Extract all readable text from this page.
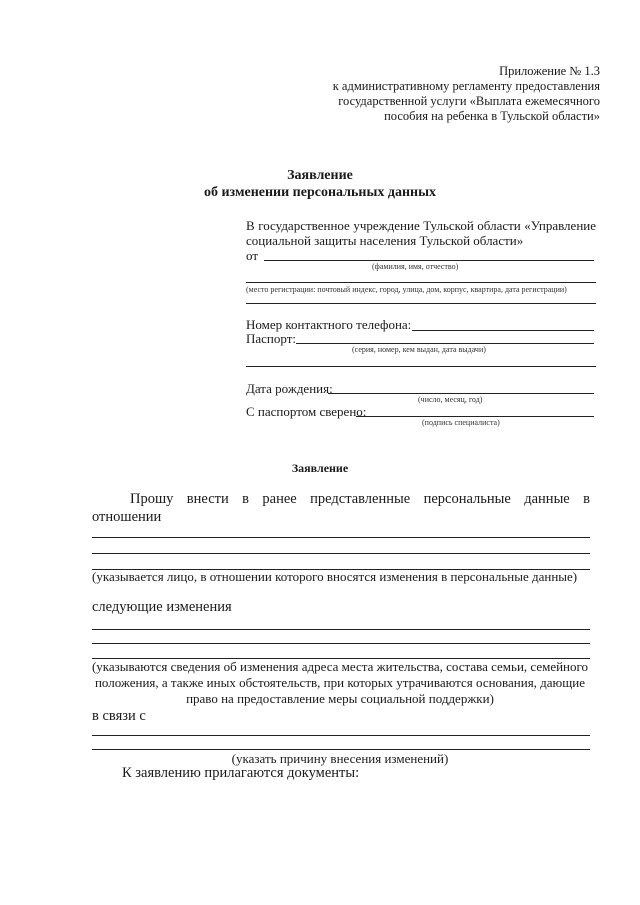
Приложение № 1.3
к административному регламенту предоставления
государственной услуги «Выплата ежемесячного
пособия на ребенка в Тульской области»
Заявление
об изменении персональных данных
В государственное учреждение Тульской области «Управление
социальной защиты населения Тульской области»
от
(фамилия, имя, отчество)
(место регистрации: почтовый индекс, город, улица, дом, корпус, квартира, дата регистрации)
Номер контактного телефона:
Паспорт:
(серия, номер, кем выдан, дата выдачи)
Дата рождения:
(число, месяц, год)
С паспортом сверено:
(подпись специалиста)
Заявление
Прошу внести в ранее представленные персональные данные в
отношении
(указывается лицо, в отношении которого вносятся изменения в персональные данные)
следующие изменения
(указываются сведения об изменения адреса места жительства, состава семьи, семейного
положения, а также иных обстоятельств, при которых утрачиваются основания, дающие
право на предоставление меры социальной поддержки)
в связи с
(указать причину внесения изменений)
К заявлению прилагаются документы:
